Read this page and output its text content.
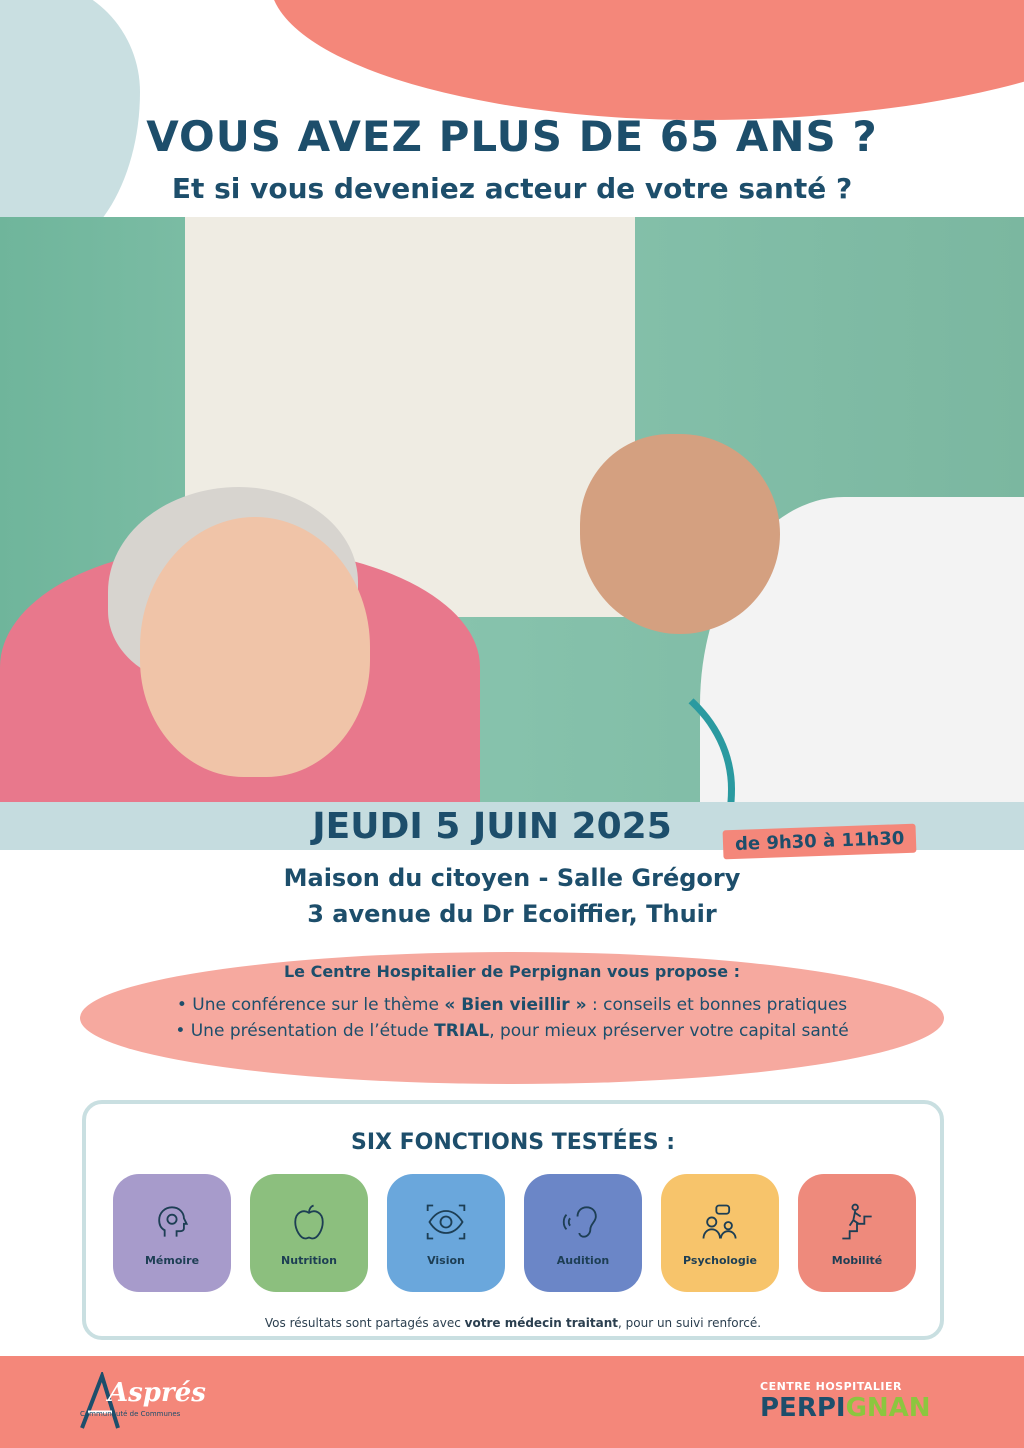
VOUS AVEZ PLUS DE 65 ANS ?
Et si vous deveniez acteur de votre santé ?
JEUDI 5 JUIN 2025	de 9h30 à 11h30
Maison du citoyen - Salle Grégory
3 avenue du Dr Ecoiffier, Thuir
Le Centre Hospitalier de Perpignan vous propose :
• Une conférence sur le thème « Bien vieillir » : conseils et bonnes pratiques
• Une présentation de l’étude TRIAL, pour mieux préserver votre capital santé
SIX FONCTIONS TESTÉES :
Mémoire	Nutrition	Vision	Audition	Psychologie	Mobilité
Vos résultats sont partagés avec votre médecin traitant, pour un suivi renforcé.
Asprés
Communauté de Communes
CENTRE HOSPITALIER
PERPIGNAN
